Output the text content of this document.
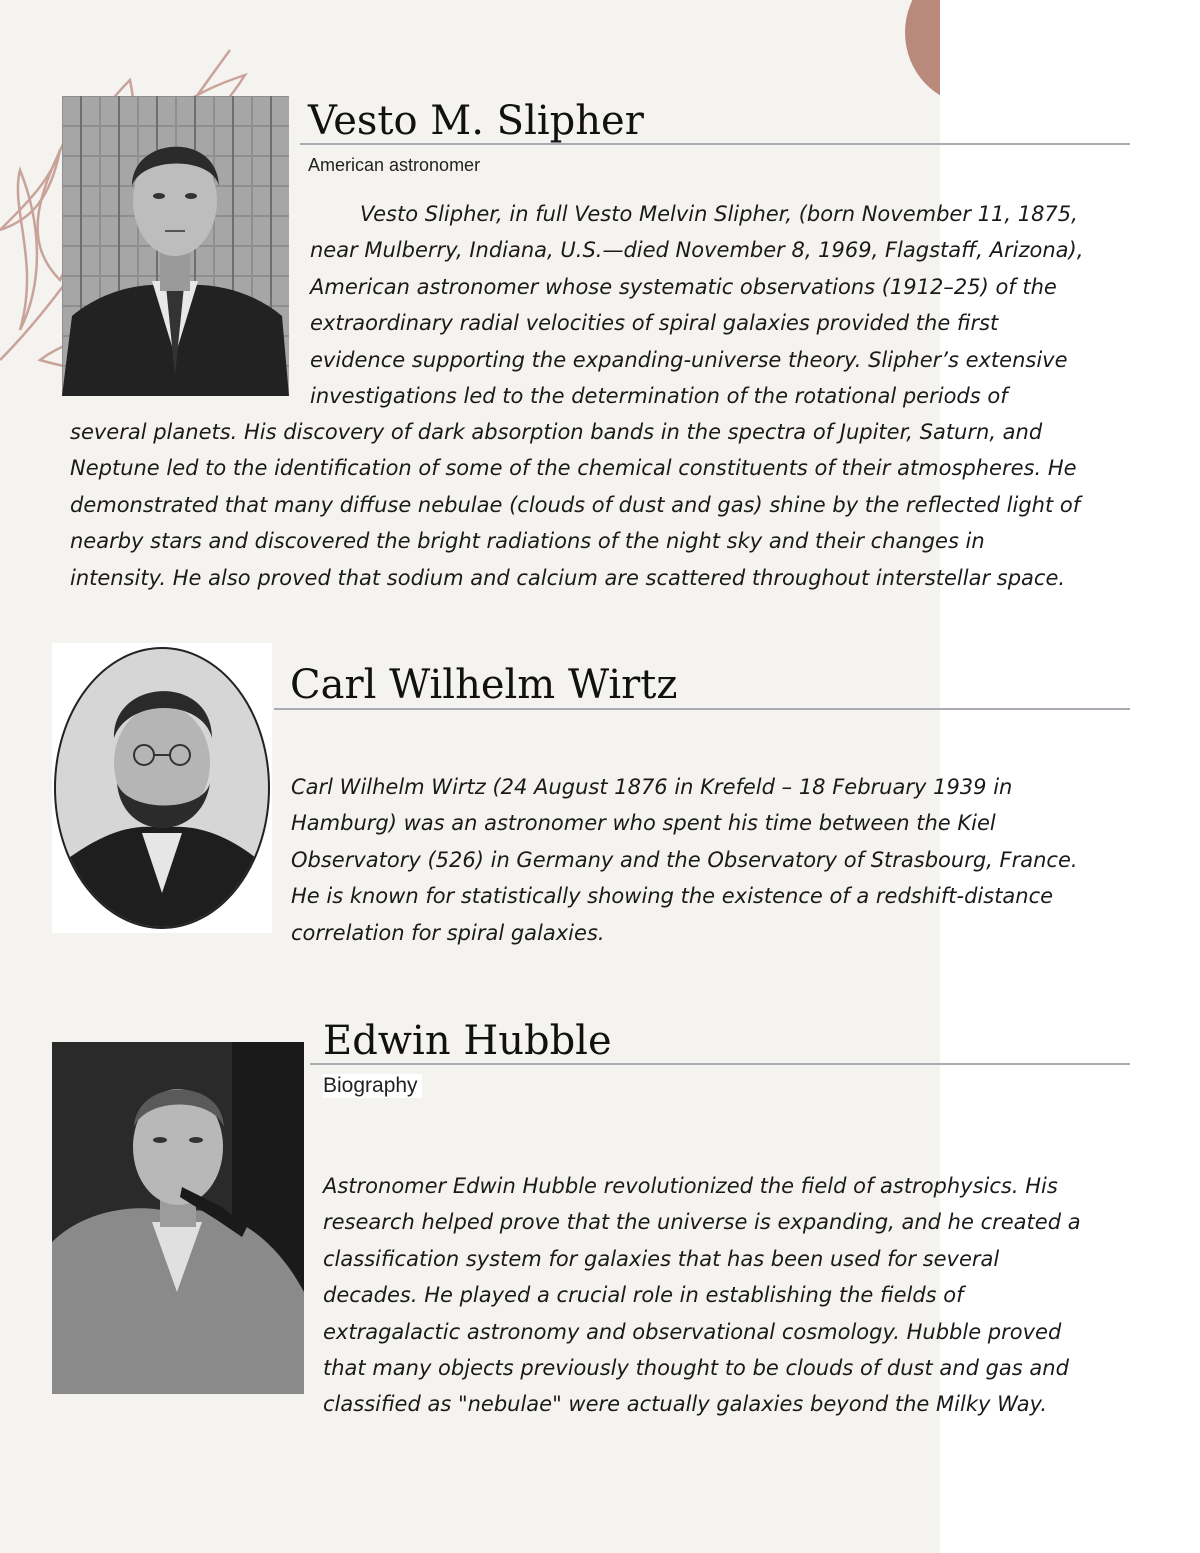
Vesto M. Slipher
American astronomer
Vesto Slipher, in full Vesto Melvin Slipher, (born November 11, 1875,
near Mulberry, Indiana, U.S.—died November 8, 1969, Flagstaff, Arizona),
American astronomer whose systematic observations (1912–25) of the
extraordinary radial velocities of spiral galaxies provided the first
evidence supporting the expanding-universe theory. Slipher’s extensive
investigations led to the determination of the rotational periods of
several planets. His discovery of dark absorption bands in the spectra of Jupiter, Saturn, and
Neptune led to the identification of some of the chemical constituents of their atmospheres. He
demonstrated that many diffuse nebulae (clouds of dust and gas) shine by the reflected light of
nearby stars and discovered the bright radiations of the night sky and their changes in
intensity. He also proved that sodium and calcium are scattered throughout interstellar space.
Carl Wilhelm Wirtz
Carl Wilhelm Wirtz (24 August 1876 in Krefeld – 18 February 1939 in
Hamburg) was an astronomer who spent his time between the Kiel
Observatory (526) in Germany and the Observatory of Strasbourg, France.
He is known for statistically showing the existence of a redshift-distance
correlation for spiral galaxies.
Edwin Hubble
Biography
Astronomer Edwin Hubble revolutionized the field of astrophysics. His
research helped prove that the universe is expanding, and he created a
classification system for galaxies that has been used for several
decades. He played a crucial role in establishing the fields of
extragalactic astronomy and observational cosmology. Hubble proved
that many objects previously thought to be clouds of dust and gas and
classified as "nebulae" were actually galaxies beyond the Milky Way.
